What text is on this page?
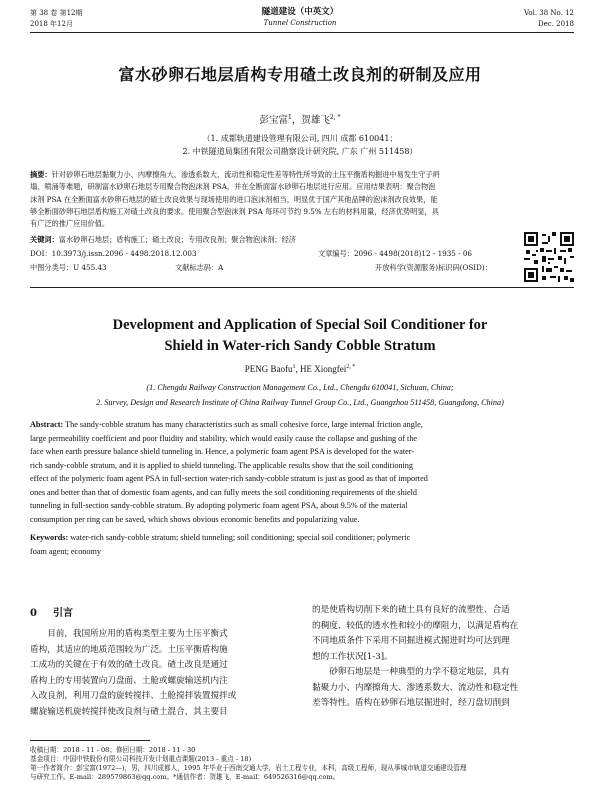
第 38 卷 第12期
2018 年12月
隧道建设（中英文）
Tunnel Construction
Vol. 38 No. 12
Dec. 2018
富水砂卵石地层盾构专用碴土改良剂的研制及应用
彭宝富$^1$，贺雄飞$^{2, *}$
（1. 成都轨道建设管理有限公司, 四川 成都 610041；
2. 中铁隧道局集团有限公司勘察设计研究院, 广东 广州 511458）
摘要：针对砂卵石地层黏聚力小、内摩擦角大、渗透系数大、流动性和稳定性差等特性所导致的土压平衡盾构掘进中易发生守子坍
塌、喷涌等难题，研制富水砂卵石地层专用聚合物泡沫剂 PSA，并在全断面富水砂卵石地层进行应用。应用结果表明：聚合物泡
沫剂 PSA 在全断面富水砂卵石地层的碴土改良效果与现场使用的进口泡沫剂相当，明显优于国产其他品牌的泡沫剂改良效果，能
够全断面砂卵石地层盾构施工对碴土改良的要求。使用聚合型泡沫剂 PSA 每环可节约 9.5% 左右的材料用量，经济优势明显，具
有广泛的推广应用价值。
关键词：富水砂卵石地层；盾构施工；碴土改良；专用改良剂；聚合物泡沫剂；经济
DOI：10.3973/j.issn.2096 - 4498.2018.12.003	文章编号：2096 - 4498(2018)12 - 1935 - 06
中图分类号：U 455.43	文献标志码：A	开放科学(资源服务)标识码(OSID)：
Development and Application of Special Soil Conditioner for
Shield in Water-rich Sandy Cobble Stratum
PENG Baofu$^1$, HE Xiongfei$^{2, *}$
(1. Chengdu Railway Construction Management Co., Ltd., Chengdu 610041, Sichuan, China;
2. Survey, Design and Research Institute of China Railway Tunnel Group Co., Ltd., Guangzhou 511458, Guangdong, China)
Abstract: The sandy-cobble stratum has many characteristics such as small cohesive force, large internal friction angle,
large permeability coefficient and poor fluidity and stability, which would easily cause the collapse and gushing of the
face when earth pressure balance shield tunneling in. Hence, a polymeric foam agent PSA is developed for the water-
rich sandy-cobble stratum, and it is applied to shield tunneling. The applicable results show that the soil conditioning
effect of the polymeric foam agent PSA in full-section water-rich sandy-cobble stratum is just as good as that of imported
ones and better than that of domestic foam agents, and can fully meets the soil conditioning requirements of the shield
tunneling in full-section sandy-cobble stratum. By adopting polymeric foam agent PSA, about 9.5% of the material
consumption per ring can be saved, which shows obvious economic benefits and popularizing value.
Keywords: water-rich sandy-cobble stratum; shield tunneling; soil conditioning; special soil conditioner; polymeric
foam agent; economy
0 引言
　　目前，我国所应用的盾构类型主要为土压平衡式
盾构，其适应的地质范围较为广泛。土压平衡盾构施
工成功的关键在于有效的碴土改良。碴土改良是通过
盾构上的专用装置向刀盘面、土舱或螺旋输送机内注
入改良剂，利用刀盘的旋转搅拌、土舱搅拌装置搅拌或
螺旋输送机旋转搅拌使改良剂与碴土混合，其主要目
的是使盾构切削下来的碴土具有良好的流塑性、合适
的稠度、较低的透水性和较小的摩阻力，以满足盾构在
不同地质条件下采用不同掘进模式掘进时均可达到理
想的工作状况[1-3]。
　　砂卵石地层是一种典型的力学不稳定地层，具有
黏聚力小、内摩擦角大、渗透系数大、流动性和稳定性
差等特性。盾构在砂卵石地层掘进时，经刀盘切削到
收稿日期：2018 - 11 - 08；修回日期：2018 - 11 - 30
基金项目：中国中铁股份有限公司科技开发计划重点课题(2013 - 重点 - 18)
第一作者简介：彭宝富(1972—)，男，四川成都人，1995 年毕业于西南交通大学，岩土工程专业，本科，高级工程师，现从事城市轨道交通建设管理
与研究工作。E-mail：289579863@qq.com。*通信作者：贺雄飞，E-mail：649526316@qq.com。
